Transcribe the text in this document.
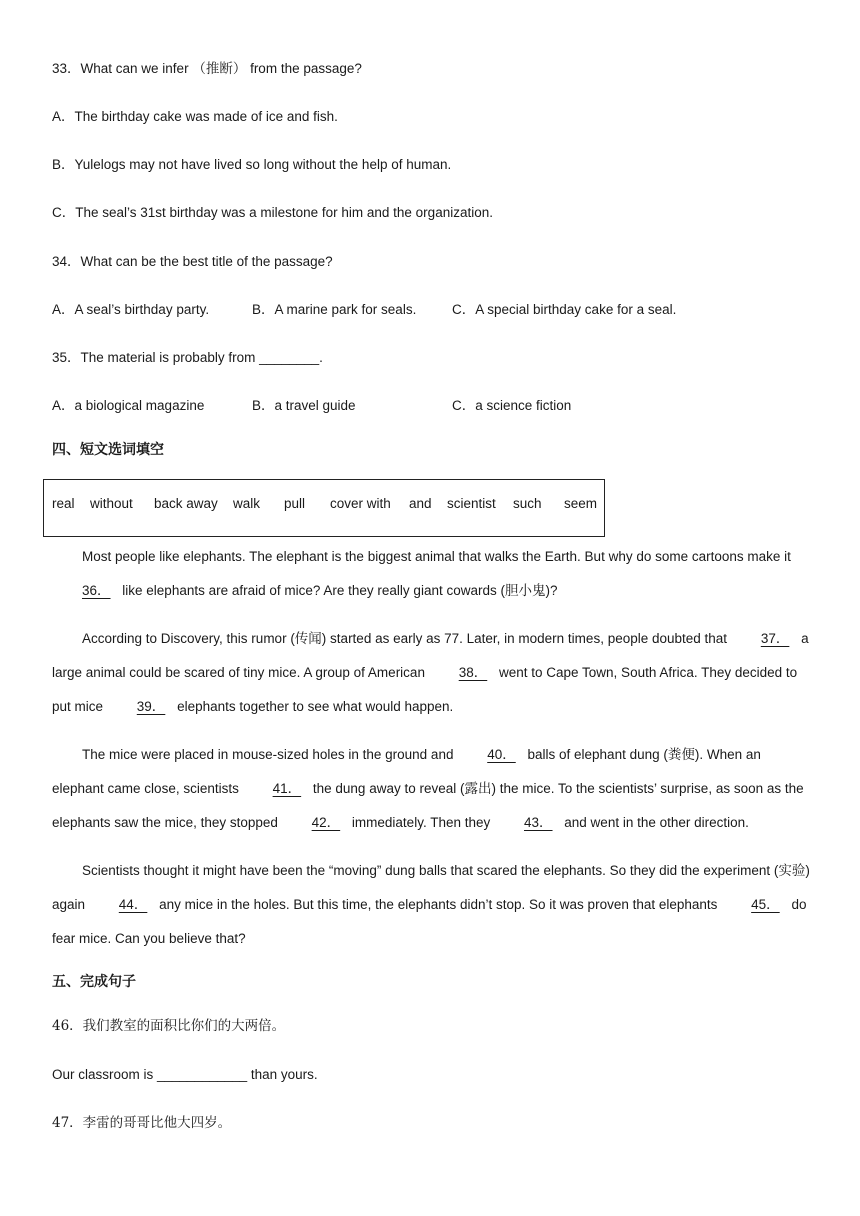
33．What can we infer （推断） from the passage?
A．The birthday cake was made of ice and fish.
B．Yulelogs may not have lived so long without the help of human.
C．The seal’s 31st birthday was a milestone for him and the organization.
34．What can be the best title of the passage?
A．A seal’s birthday party.	B．A marine park for seals.	C．A special birthday cake for a seal.
35．The material is probably from ________.
A．a biological magazine	B．a travel guide	C．a science fiction
四、短文选词填空
real without back away walk pull cover with and scientist such seem

Most people like elephants. The elephant is the biggest animal that walks the Earth. But why do some cartoons make it 36． like elephants are afraid of mice? Are they really giant cowards (胆小鬼)?

According to Discovery, this rumor (传闻) started as early as 77. Later, in modern times, people doubted that 37． a large animal could be scared of tiny mice. A group of American 38． went to Cape Town, South Africa. They decided to put mice 39． elephants together to see what would happen.

The mice were placed in mouse-sized holes in the ground and 40． balls of elephant dung (粪便). When an elephant came close, scientists 41． the dung away to reveal (露出) the mice. To the scientists’ surprise, as soon as the elephants saw the mice, they stopped 42． immediately. Then they 43． and went in the other direction.

Scientists thought it might have been the “moving” dung balls that scared the elephants. So they did the experiment (实验) again 44． any mice in the holes. But this time, the elephants didn’t stop. So it was proven that elephants 45． do fear mice. Can you believe that?

五、完成句子
46．我们教室的面积比你们的大两倍。
Our classroom is ____________ than yours.
47．李雷的哥哥比他大四岁。
